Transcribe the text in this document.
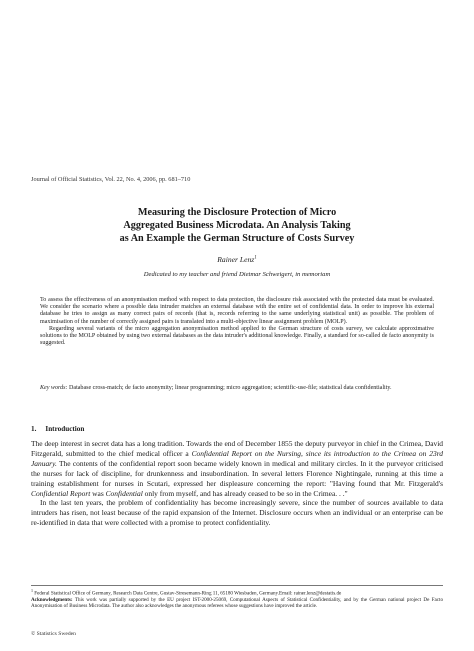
Journal of Official Statistics, Vol. 22, No. 4, 2006, pp. 681–710
Measuring the Disclosure Protection of Micro
Aggregated Business Microdata. An Analysis Taking
as An Example the German Structure of Costs Survey
Rainer Lenz$^1$
Dedicated to my teacher and friend Dietmar Schweigert, in memoriam

To assess the effectiveness of an anonymisation method with respect to data protection, the disclosure risk associated with the protected data must be evaluated. We consider the scenario where a possible data intruder matches an external database with the entire set of confidential data. In order to improve his external database he tries to assign as many correct pairs of records (that is, records referring to the same underlying statistical unit) as possible. The problem of maximisation of the number of correctly assigned pairs is translated into a multi-objective linear assignment problem (MOLP).

Regarding several variants of the micro aggregation anonymisation method applied to the German structure of costs survey, we calculate approximative solutions to the MOLP obtained by using two external databases as the data intruder's additional knowledge. Finally, a standard for so-called de facto anonymity is suggested.

Key words: Database cross-match; de facto anonymity; linear programming; micro aggregation; scientific-use-file; statistical data confidentiality.
1. Introduction

The deep interest in secret data has a long tradition. Towards the end of December 1855 the deputy purveyor in chief in the Crimea, David Fitzgerald, submitted to the chief medical officer a Confidential Report on the Nursing, since its introduction to the Crimea on 23rd January. The contents of the confidential report soon became widely known in medical and military circles. In it the purveyor criticised the nurses for lack of discipline, for drunkenness and insubordination. In several letters Florence Nightingale, running at this time a training establishment for nurses in Scutari, expressed her displeasure concerning the report: "Having found that Mr. Fitzgerald's Confidential Report was Confidential only from myself, and has already ceased to be so in the Crimea. . ."

In the last ten years, the problem of confidentiality has become increasingly severe, since the number of sources available to data intruders has risen, not least because of the rapid expansion of the Internet. Disclosure occurs when an individual or an enterprise can be re-identified in data that were collected with a promise to protect confidentiality.

$^1$ Federal Statistical Office of Germany, Research Data Centre, Gustav-Stresemann-Ring 11, 65180 Wiesbaden, Germany.Email: rainer.lenz@destatis.de

Acknowledgments: This work was partially supported by the EU project IST-2000-25069, Computational Aspects of Statistical Confidentiality, and by the German national project De Facto Anonymisation of Business Microdata. The author also acknowledges the anonymous referees whose suggestions have improved the article.

© Statistics Sweden
